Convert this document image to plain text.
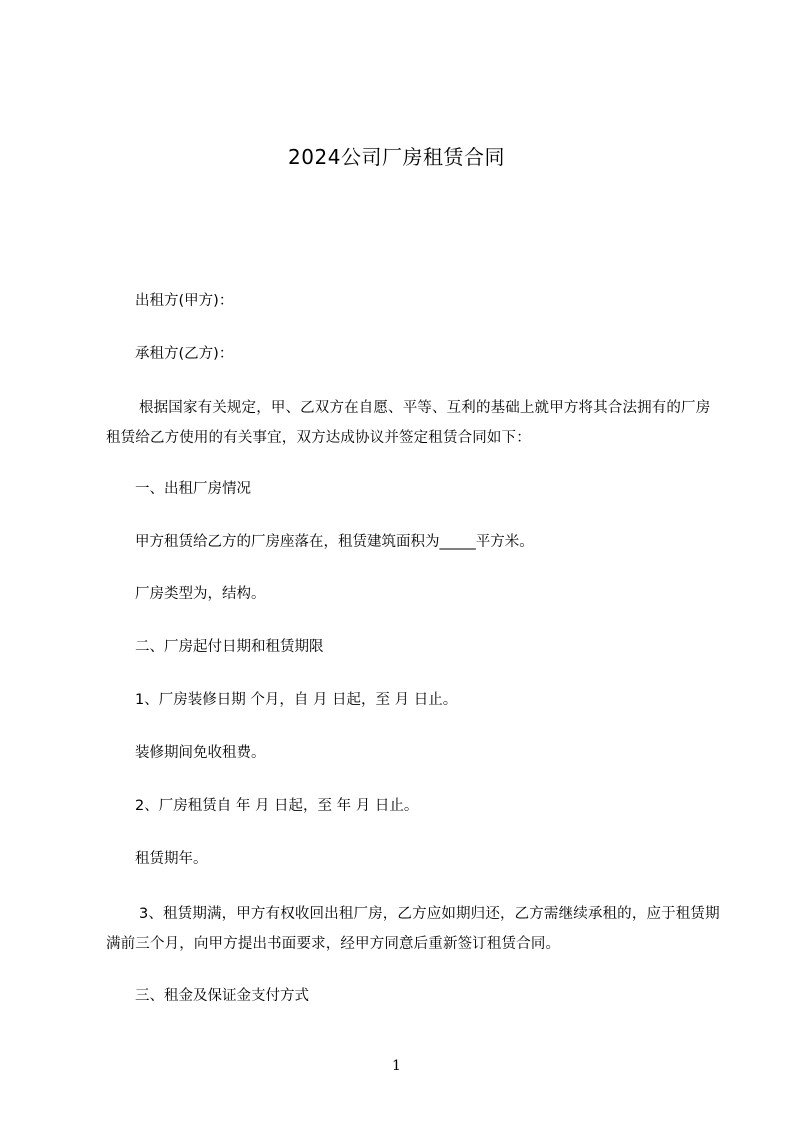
2024公司厂房租赁合同
出租方(甲方)：
承租方(乙方)：
根据国家有关规定，甲、乙双方在自愿、平等、互利的基础上就甲方将其合法拥有的厂房租赁给乙方使用的有关事宜，双方达成协议并签定租赁合同如下：
一、出租厂房情况
甲方租赁给乙方的厂房座落在，租赁建筑面积为_____平方米。
厂房类型为，结构。
二、厂房起付日期和租赁期限
1、厂房装修日期 个月，自 月 日起，至 月 日止。
装修期间免收租费。
2、厂房租赁自 年 月 日起，至 年 月 日止。
租赁期年。
3、租赁期满，甲方有权收回出租厂房，乙方应如期归还，乙方需继续承租的，应于租赁期满前三个月，向甲方提出书面要求，经甲方同意后重新签订租赁合同。
三、租金及保证金支付方式
1
